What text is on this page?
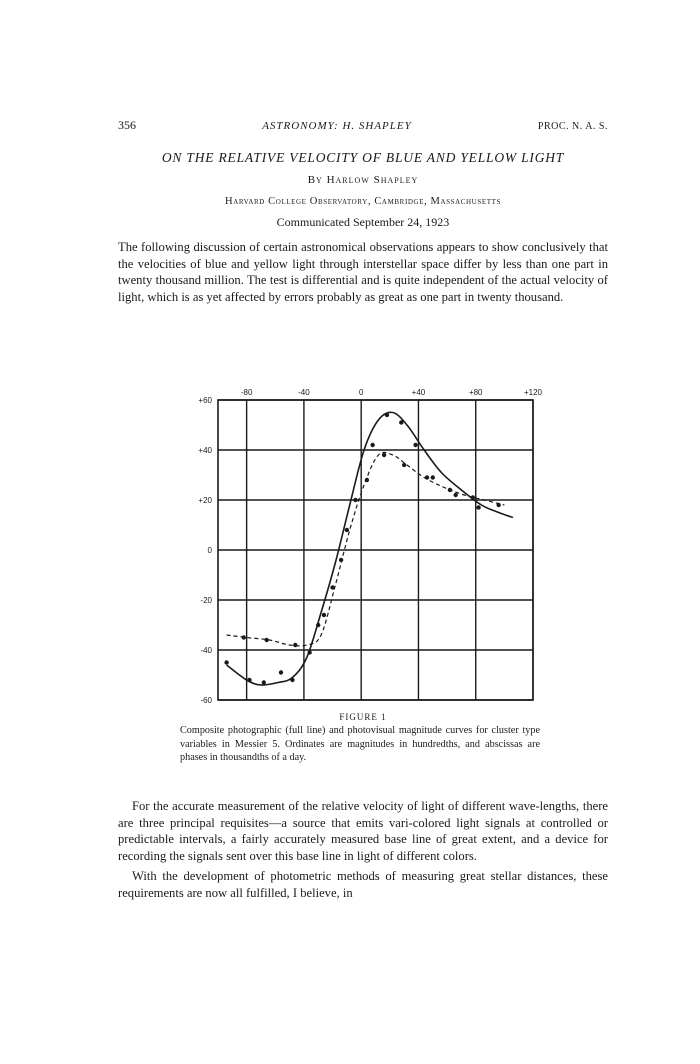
356	ASTRONOMY: H. SHAPLEY	PROC. N. A. S.
ON THE RELATIVE VELOCITY OF BLUE AND YELLOW LIGHT
By Harlow Shapley
Harvard College Observatory, Cambridge, Massachusetts
Communicated September 24, 1923

The following discussion of certain astronomical observations appears to show conclusively that the velocities of blue and yellow light through interstellar space differ by less than one part in twenty thousand million. The test is differential and is quite independent of the actual velocity of light, which is as yet affected by errors probably as great as one part in twenty thousand.

-80	-40	0	+40	+80	+120
+60
+40
+20
0
-20
-40
-60
FIGURE 1
Composite photographic (full line) and photovisual magnitude curves for cluster type variables in Messier 5. Ordinates are magnitudes in hundredths, and abscissas are phases in thousandths of a day.

For the accurate measurement of the relative velocity of light of different wave-lengths, there are three principal requisites—a source that emits vari-colored light signals at controlled or predictable intervals, a fairly accurately measured base line of great extent, and a device for recording the signals sent over this base line in light of different colors.

With the development of photometric methods of measuring great stellar distances, these requirements are now all fulfilled, I believe, in
